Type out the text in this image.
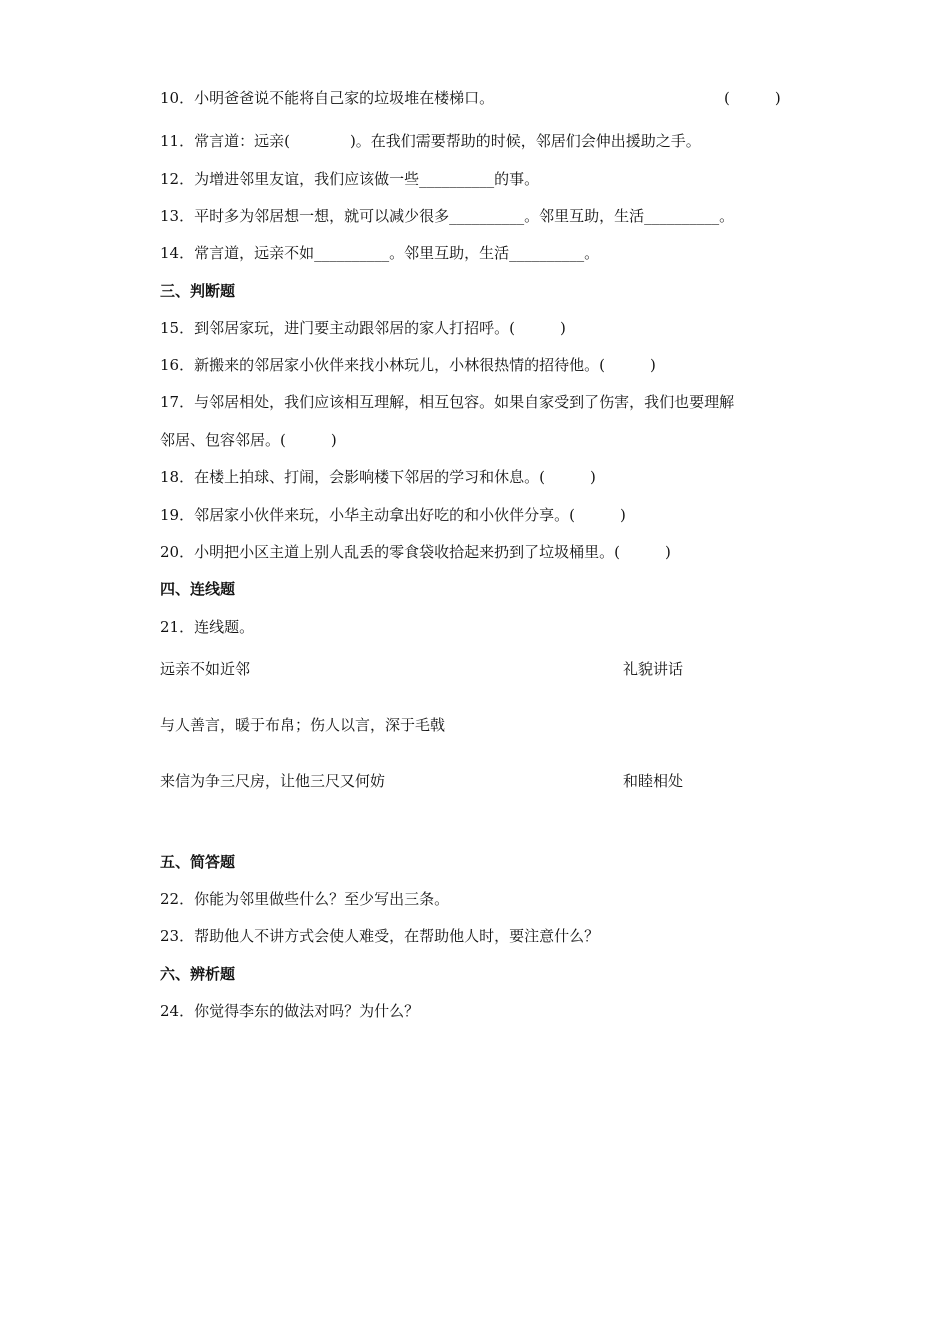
10．小明爸爸说不能将自己家的垃圾堆在楼梯口。	(　　　)
11．常言道：远亲(　　　　)。在我们需要帮助的时候，邻居们会伸出援助之手。
12．为增进邻里友谊，我们应该做一些__________的事。
13．平时多为邻居想一想，就可以减少很多__________。邻里互助，生活__________。
14．常言道，远亲不如__________。邻里互助，生活__________。
三、判断题
15．到邻居家玩，进门要主动跟邻居的家人打招呼。(　　　)
16．新搬来的邻居家小伙伴来找小林玩儿，小林很热情的招待他。(　　　)
17．与邻居相处，我们应该相互理解，相互包容。如果自家受到了伤害，我们也要理解
邻居、包容邻居。(　　　)
18．在楼上拍球、打闹，会影响楼下邻居的学习和休息。(　　　)
19．邻居家小伙伴来玩，小华主动拿出好吃的和小伙伴分享。(　　　)
20．小明把小区主道上别人乱丢的零食袋收拾起来扔到了垃圾桶里。(　　　)
四、连线题
21．连线题。
远亲不如近邻	礼貌讲话
与人善言，暖于布帛；伤人以言，深于毛戟
来信为争三尺房，让他三尺又何妨	和睦相处
五、简答题
22．你能为邻里做些什么？至少写出三条。
23．帮助他人不讲方式会使人难受，在帮助他人时，要注意什么？
六、辨析题
24．你觉得李东的做法对吗？为什么？
